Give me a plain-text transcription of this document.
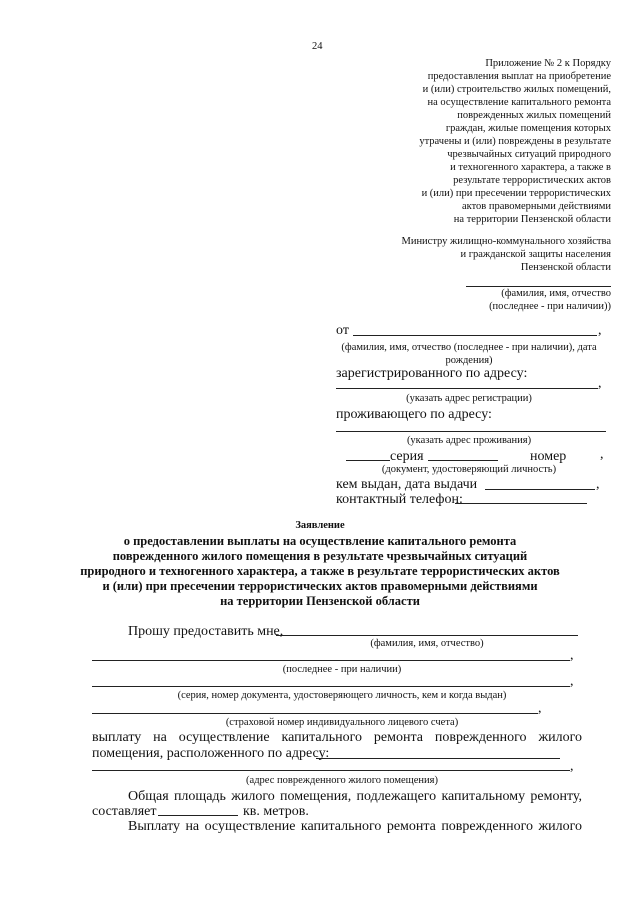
24
Приложение № 2 к Порядку
предоставления выплат на приобретение
и (или) строительство жилых помещений,
на осуществление капитального ремонта
поврежденных жилых помещений
граждан, жилые помещения которых
утрачены и (или) повреждены в результате
чрезвычайных ситуаций природного
и техногенного характера, а также в
результате террористических актов
и (или) при пресечении террористических
актов правомерными действиями
на территории Пензенской области
Министру жилищно-коммунального хозяйства
и гражданской защиты населения
Пензенской области
(фамилия, имя, отчество
(последнее - при наличии))
от	,
(фамилия, имя, отчество (последнее - при наличии), дата
рождения)
зарегистрированного по адресу:
,
(указать адрес регистрации)
проживающего по адресу:
(указать адрес проживания)
серия	номер ,
(документ, удостоверяющий личность)
кем выдан, дата выдачи	,
контактный телефон:
Заявление
о предоставлении выплаты на осуществление капитального ремонта
поврежденного жилого помещения в результате чрезвычайных ситуаций
природного и техногенного характера, а также в результате террористических актов
и (или) при пресечении террористических актов правомерными действиями
на территории Пензенской области
Прошу предоставить мне,
(фамилия, имя, отчество)
,
(последнее - при наличии)
,
(серия, номер документа, удостоверяющего личность, кем и когда выдан)
,
(страховой номер индивидуального лицевого счета)
выплату на осуществление капитального ремонта поврежденного жилого
помещения, расположенного по адресу:
,
(адрес поврежденного жилого помещения)
Общая площадь жилого помещения, подлежащего капитальному ремонту,
составляет	кв. метров.
Выплату на осуществление капитального ремонта поврежденного жилого
